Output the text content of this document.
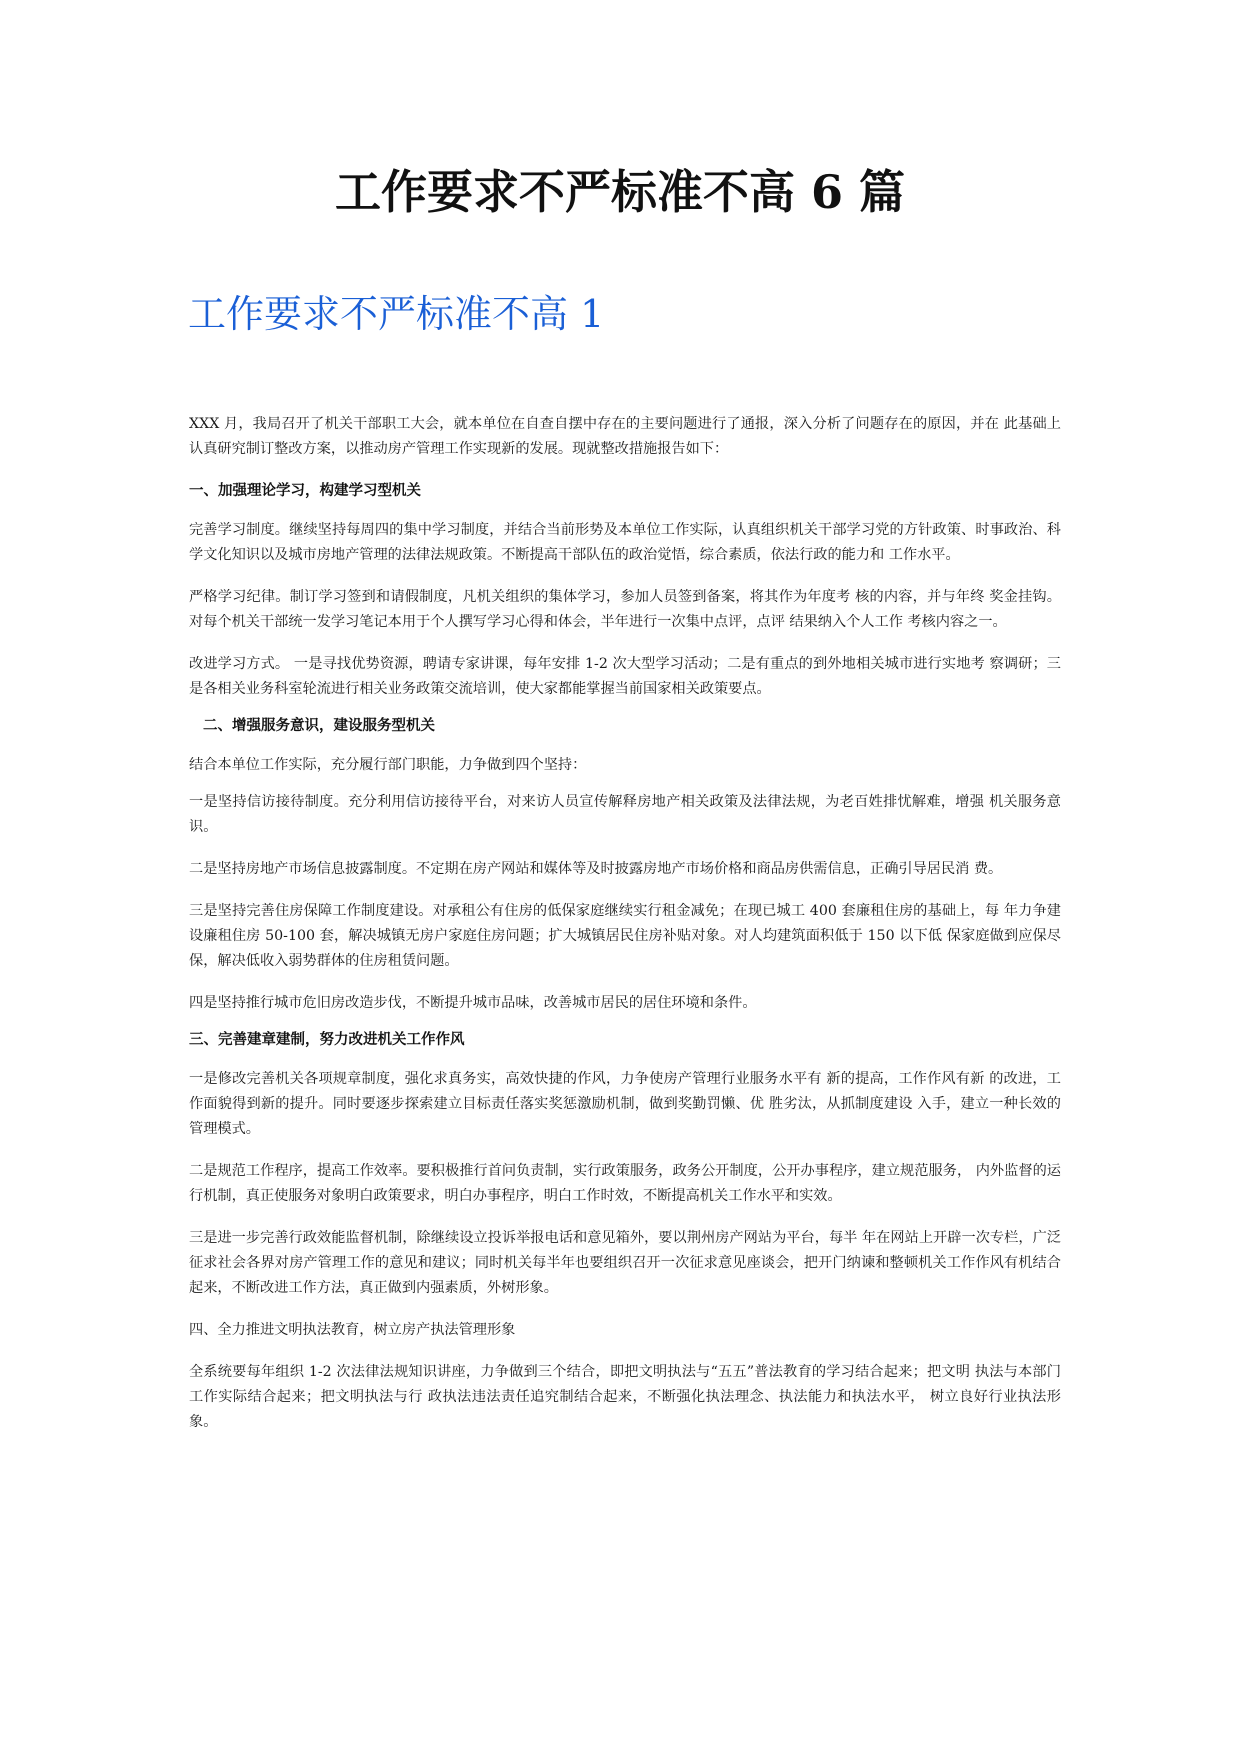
工作要求不严标准不高 6 篇
工作要求不严标准不高 1

XXX 月，我局召开了机关干部职工大会，就本单位在自查自摆中存在的主要问题进行了通报，深入分析了问题存在的原因，并在 此基础上认真研究制订整改方案，以推动房产管理工作实现新的发展。现就整改措施报告如下：

一、加强理论学习，构建学习型机关

完善学习制度。继续坚持每周四的集中学习制度，并结合当前形势及本单位工作实际，认真组织机关干部学习党的方针政策、时事政治、科学文化知识以及城市房地产管理的法律法规政策。不断提高干部队伍的政治觉悟，综合素质，依法行政的能力和 工作水平。

严格学习纪律。制订学习签到和请假制度，凡机关组织的集体学习，参加人员签到备案，将其作为年度考 核的内容，并与年终 奖金挂钩。对每个机关干部统一发学习笔记本用于个人撰写学习心得和体会，半年进行一次集中点评，点评 结果纳入个人工作 考核内容之一。

改进学习方式。 一是寻找优势资源，聘请专家讲课，每年安排 1-2 次大型学习活动；二是有重点的到外地相关城市进行实地考 察调研；三是各相关业务科室轮流进行相关业务政策交流培训，使大家都能掌握当前国家相关政策要点。

二、增强服务意识，建设服务型机关

结合本单位工作实际，充分履行部门职能，力争做到四个坚持：

一是坚持信访接待制度。充分利用信访接待平台，对来访人员宣传解释房地产相关政策及法律法规，为老百姓排忧解难，增强 机关服务意识。

二是坚持房地产市场信息披露制度。不定期在房产网站和媒体等及时披露房地产市场价格和商品房供需信息，正确引导居民消 费。

三是坚持完善住房保障工作制度建设。对承租公有住房的低保家庭继续实行租金减免；在现已城工 400 套廉租住房的基础上，每 年力争建设廉租住房 50-100 套，解决城镇无房户家庭住房问题；扩大城镇居民住房补贴对象。对人均建筑面积低于 150 以下低 保家庭做到应保尽保，解决低收入弱势群体的住房租赁问题。

四是坚持推行城市危旧房改造步伐，不断提升城市品味，改善城市居民的居住环境和条件。

三、完善建章建制，努力改进机关工作作风

一是修改完善机关各项规章制度，强化求真务实，高效快捷的作风，力争使房产管理行业服务水平有 新的提高，工作作风有新 的改进，工作面貌得到新的提升。同时要逐步探索建立目标责任落实奖惩激励机制，做到奖勤罚懒、优 胜劣汰，从抓制度建设 入手，建立一种长效的管理模式。

二是规范工作程序，提高工作效率。要积极推行首问负责制，实行政策服务，政务公开制度，公开办事程序，建立规范服务， 内外监督的运行机制，真正使服务对象明白政策要求，明白办事程序，明白工作时效，不断提高机关工作水平和实效。

三是进一步完善行政效能监督机制，除继续设立投诉举报电话和意见箱外，要以荆州房产网站为平台，每半 年在网站上开辟一次专栏，广泛征求社会各界对房产管理工作的意见和建议；同时机关每半年也要组织召开一次征求意见座谈会，把开门纳谏和整顿机关工作作风有机结合起来，不断改进工作方法，真正做到内强素质，外树形象。

四、全力推进文明执法教育，树立房产执法管理形象

全系统要每年组织 1-2 次法律法规知识讲座，力争做到三个结合，即把文明执法与“五五”普法教育的学习结合起来；把文明 执法与本部门工作实际结合起来；把文明执法与行 政执法违法责任追究制结合起来，不断强化执法理念、执法能力和执法水平， 树立良好行业执法形象。
